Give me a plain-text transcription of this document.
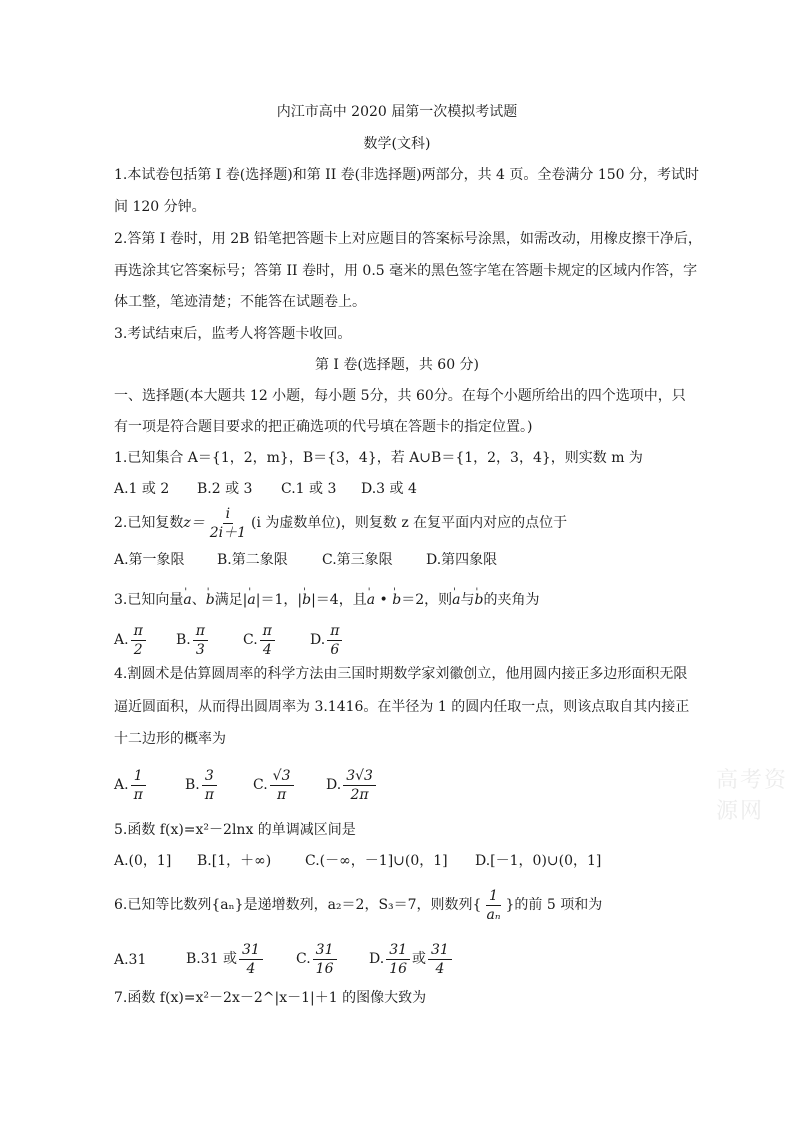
内江市高中 2020 届第一次模拟考试题
数学(文科)
1.本试卷包括第 I 卷(选择题)和第 II 卷(非选择题)两部分，共 4 页。全卷满分 150 分，考试时
间 120 分钟。
2.答第 I 卷时，用 2B 铅笔把答题卡上对应题目的答案标号涂黑，如需改动，用橡皮擦干净后，
再选涂其它答案标号；答第 II 卷时，用 0.5 毫米的黑色签字笔在答题卡规定的区域内作答，字
体工整，笔迹清楚；不能答在试题卷上。
3.考试结束后，监考人将答题卡收回。
第 I 卷(选择题，共 60 分)
一、选择题(本大题共 12 小题，每小题 5分，共 60分。在每个小题所给出的四个选项中，只
有一项是符合题目要求的把正确选项的代号填在答题卡的指定位置。)
1.已知集合 A＝{1，2，m}，B＝{3，4}，若 A∪B＝{1，2，3，4}，则实数 m 为
A.1 或 2 B.2 或 3 C.1 或 3 D.3 或 4
2.已知复数$z= \frac{i}{2i+1} (i$ 为虚数单位)，则复数 z 在复平面内对应的点位于
A.第一象限 B.第二象限 C.第三象限 D.第四象限
3.已知向量' a、' b满足|' a|＝1，|' b|＝4，且' a • ' b＝2，则' a与' b的夹角为
A. $\frac{\pi}{2} B$. $\frac{\pi}{3}$	C. $\frac{\pi}{4}$	D. $\frac{\pi}{6}$
4.割圆术是估算圆周率的科学方法由三国时期数学家刘徽创立，他用圆内接正多边形面积无限
逼近圆面积，从而得出圆周率为 3.1416。在半径为 1 的圆内任取一点，则该点取自其内接正
十二边形的概率为
A. $\frac{1}{\pi}$	B. $\frac{3}{\pi}$	C. $\frac{√3}{\pi} D$. $\frac{3√3}{2\pi}$	高考资源网
5.函数 f(x)=x²－2lnx 的单调减区间是
A.(0，1] B.[1，＋∞) C.(－∞，－1]∪(0，1] D.[－1，0)∪(0，1]
6.已知等比数列{aₙ}是递增数列，a₂＝2，S₃＝7，则数列{ $\frac{1}{\text{aₙ}}$ }的前 5 项和为
A.31	B.31 或 $\frac{31}{4} C$. $\frac{31}{16} D$. $\frac{31}{16}$ 或 $\frac{31}{4}$
7.函数 f(x)=x²－2x－2^|x－1|＋1 的图像大致为
